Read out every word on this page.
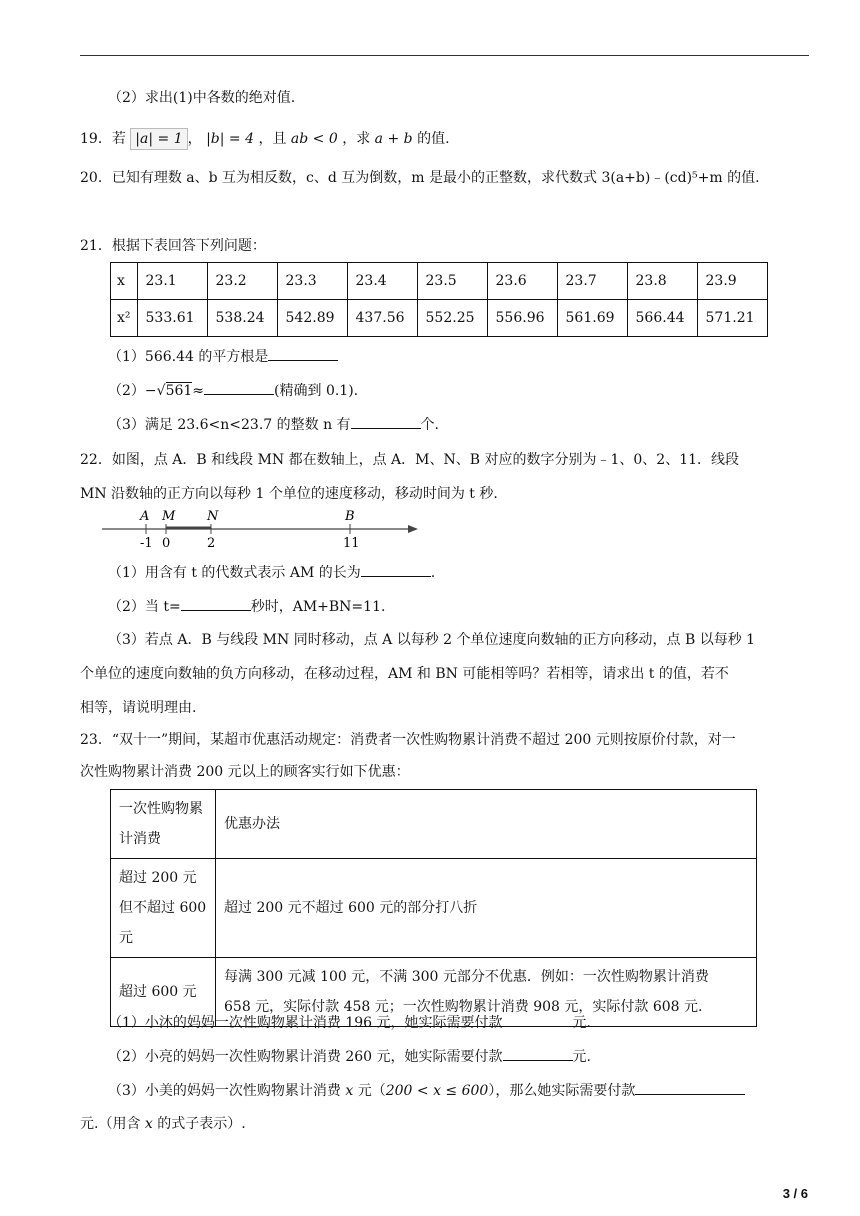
（2）求出(1)中各数的绝对值.
19．若 |a| = 1 ， |b| = 4 ，且 ab < 0 ，求 a + b 的值.
20．已知有理数 a、b 互为相反数，c、d 互为倒数，m 是最小的正整数，求代数式 3(a+b)﹣(cd)⁵+m 的值.
21．根据下表回答下列问题：
x	23.1	23.2	23.3	23.4	23.5	23.6	23.7	23.8	23.9
x²	533.61	538.24	542.89	437.56	552.25	556.96	561.69	566.44	571.21
（1）566.44 的平方根是
（2）−√561≈	(精确到 0.1).
（3）满足 23.6<n<23.7 的整数 n 有	个.
22．如图，点 A．B 和线段 MN 都在数轴上，点 A．M、N、B 对应的数字分别为﹣1、0、2、11．线段
MN 沿数轴的正方向以每秒 1 个单位的速度移动，移动时间为 t 秒.
A M N	B
-1 0	2	11
（1）用含有 t 的代数式表示 AM 的长为	.
（2）当 t=	秒时，AM+BN=11.
（3）若点 A．B 与线段 MN 同时移动，点 A 以每秒 2 个单位速度向数轴的正方向移动，点 B 以每秒 1
个单位的速度向数轴的负方向移动，在移动过程，AM 和 BN 可能相等吗？若相等，请求出 t 的值，若不
相等，请说明理由.
23．“双十一”期间，某超市优惠活动规定：消费者一次性购物累计消费不超过 200 元则按原价付款，对一
次性购物累计消费 200 元以上的顾客实行如下优惠：
一次性购物累计消费	优惠办法
超过 200 元但不超过 600 元	超过 200 元不超过 600 元的部分打八折
超过 600 元	每满 300 元减 100 元，不满 300 元部分不优惠．例如：一次性购物累计消费
658 元，实际付款 458 元；一次性购物累计消费 908 元，实际付款 608 元.
（1）小沐的妈妈一次性购物累计消费 196 元，她实际需要付款	元.
（2）小亮的妈妈一次性购物累计消费 260 元，她实际需要付款	元.
（3）小美的妈妈一次性购物累计消费 x 元（200 < x ≤ 600），那么她实际需要付款
元.（用含 x 的式子表示）.
3 / 6
